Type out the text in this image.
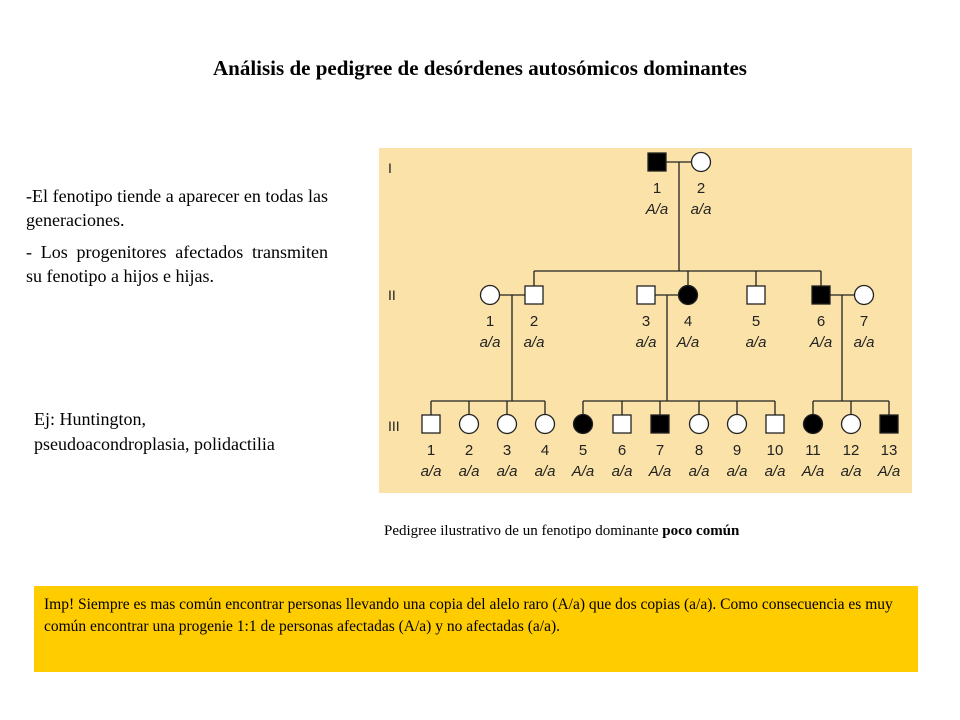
Análisis de pedigree de desórdenes autosómicos dominantes

-El fenotipo tiende a aparecer en todas las generaciones.

- Los progenitores afectados transmiten su fenotipo a hijos e hijas.

Ej: Huntington, pseudoacondroplasia, polidactilia
I
1
A/a
2
a/a
II
1
a/a
2
a/a
3
a/a
4
A/a
5
a/a
6
A/a
7
a/a
III
1
a/a
2
a/a
3
a/a
4
a/a
5
A/a
6
a/a
7
A/a
8
a/a
9
a/a
10
a/a
11
A/a
12
a/a
13
A/a
Pedigree ilustrativo de un fenotipo dominante poco común
Imp! Siempre es mas común encontrar personas llevando una copia del alelo raro (A/a) que dos copias (a/a). Como consecuencia es muy común encontrar una progenie 1:1 de personas afectadas (A/a) y no afectadas (a/a).
